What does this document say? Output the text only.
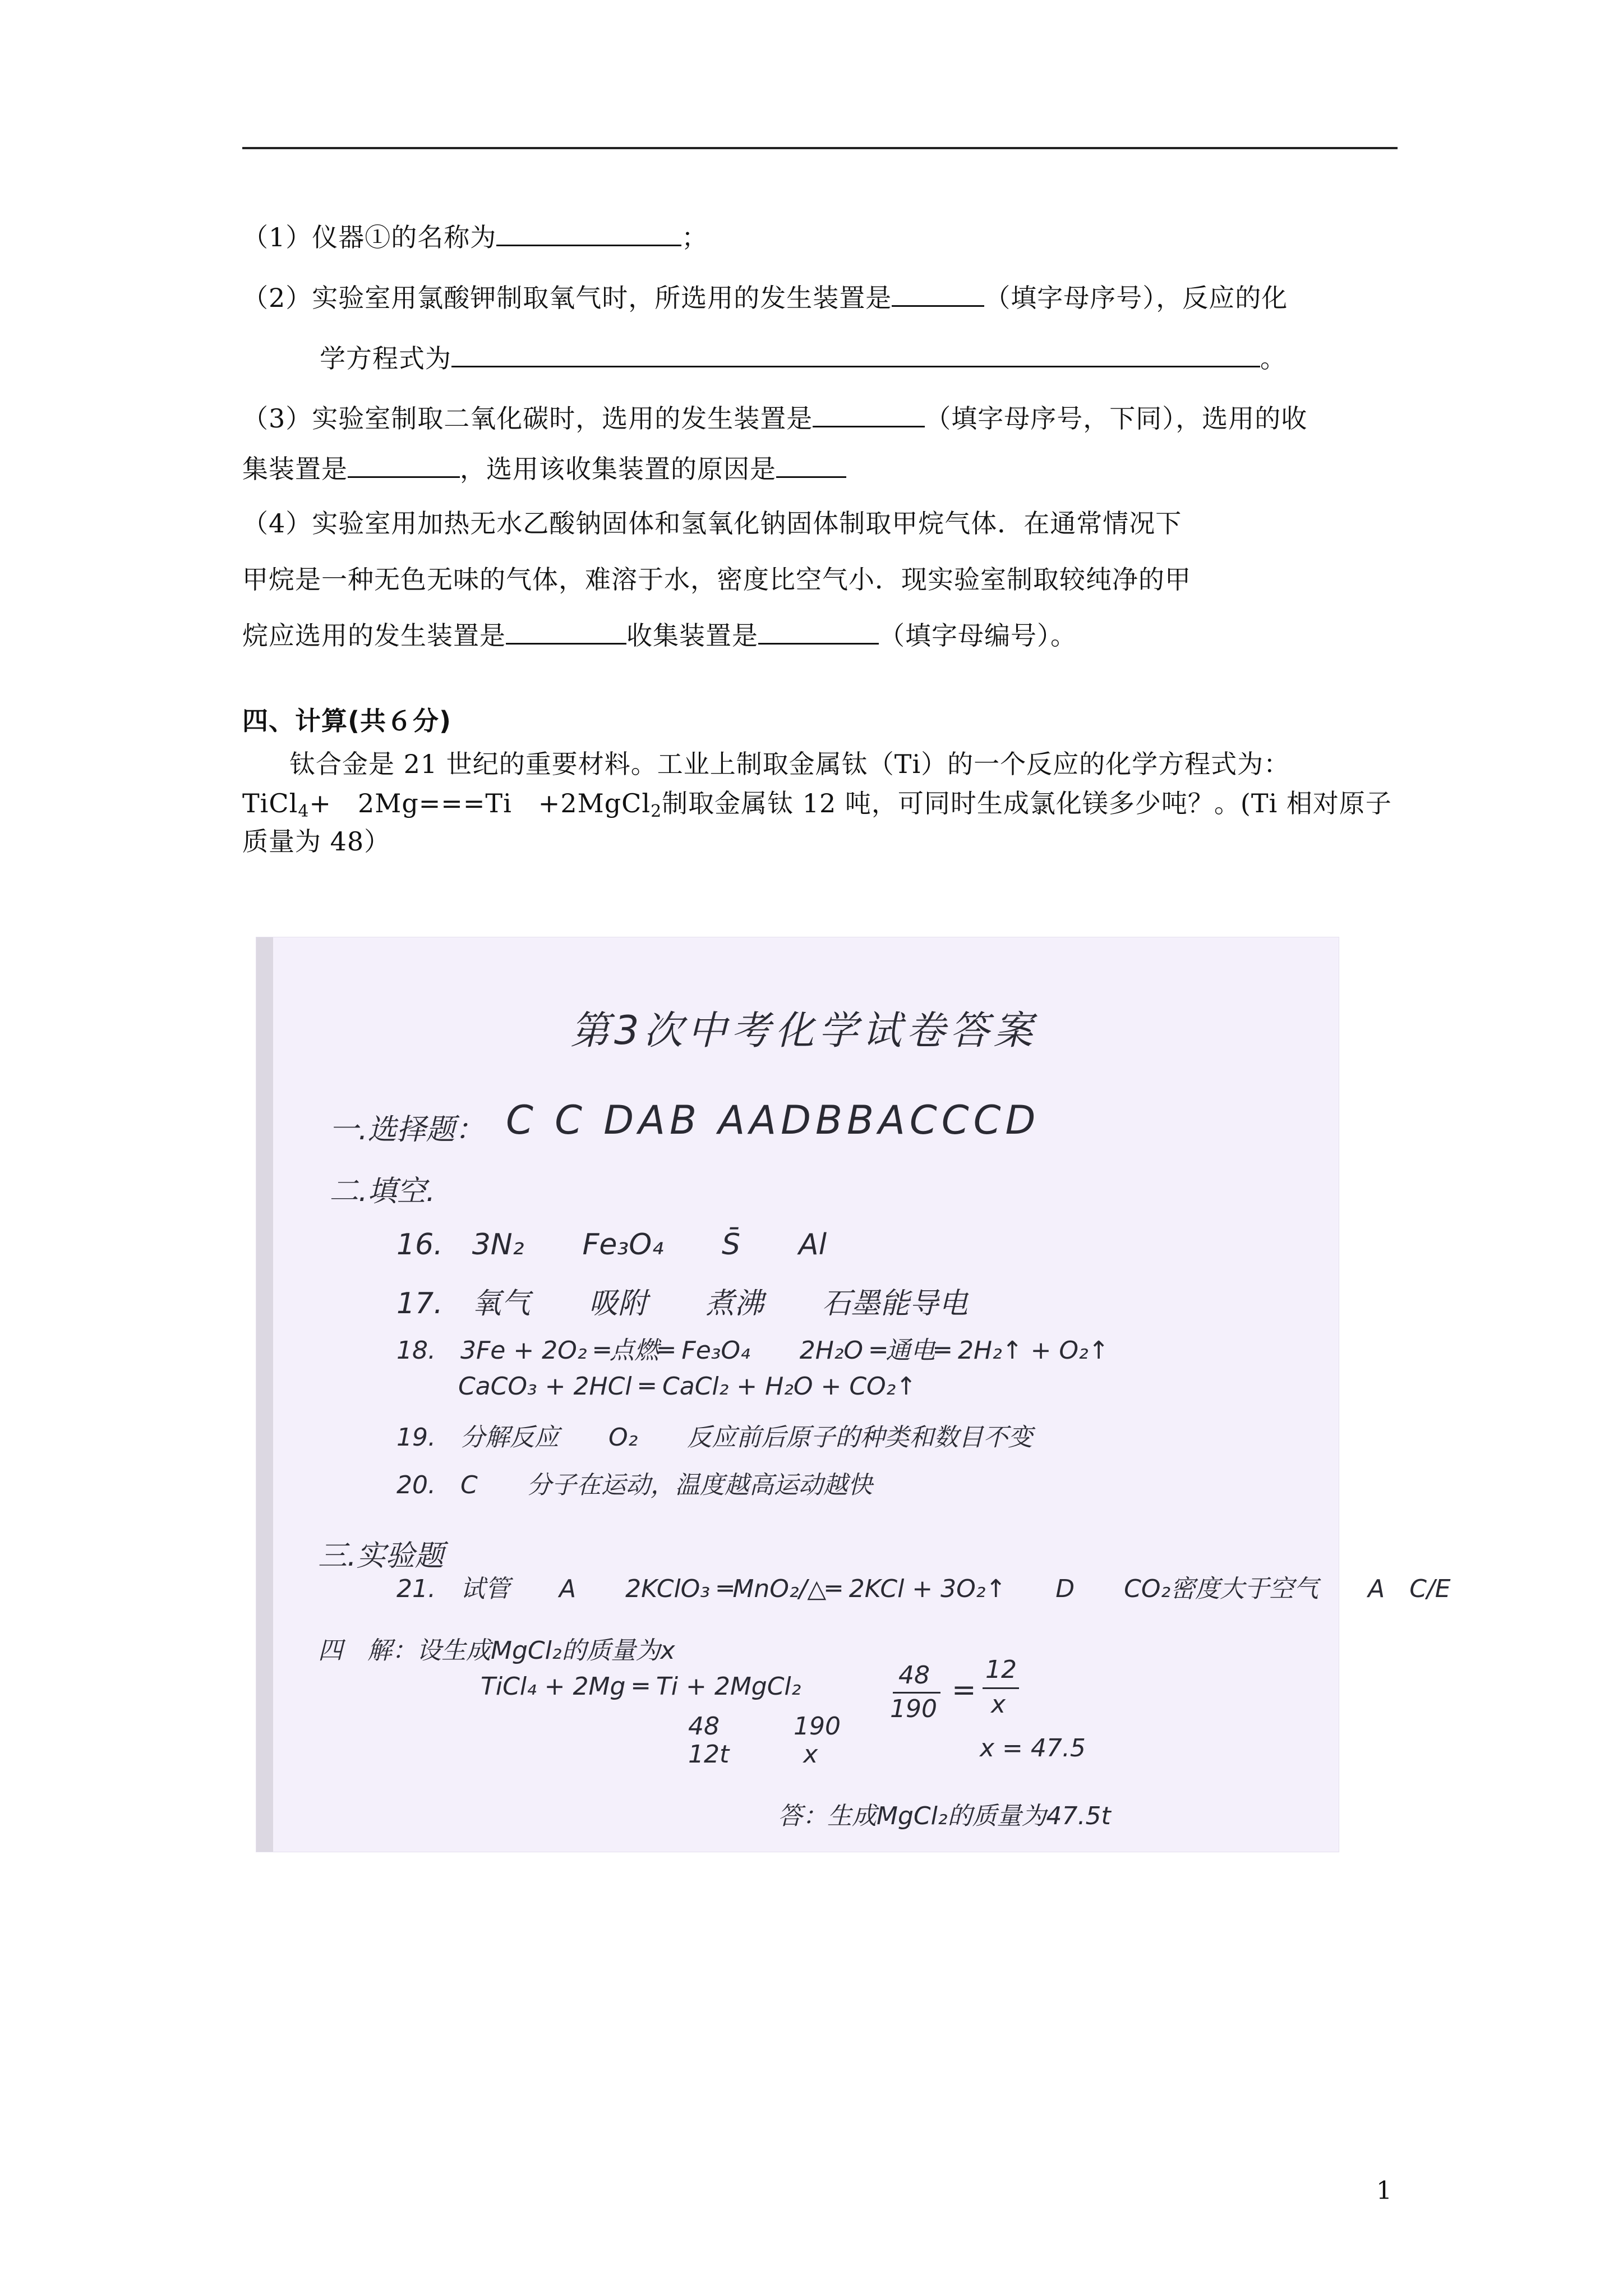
（1）仪器①的名称为	；
（2）实验室用氯酸钾制取氧气时，所选用的发生装置是	（填字母序号），反应的化
学方程式为	。
（3）实验室制取二氧化碳时，选用的发生装置是	（填字母序号，下同），选用的收
集装置是	，选用该收集装置的原因是
（4）实验室用加热无水乙酸钠固体和氢氧化钠固体制取甲烷气体．在通常情况下
甲烷是一种无色无味的气体，难溶于水，密度比空气小．现实验室制取较纯净的甲
烷应选用的发生装置是	收集装置是	（填字母编号）。
四、计算(共６分)
钛合金是 21 世纪的重要材料。工业上制取金属钛（Ti）的一个反应的化学方程式为：
TiCl$_4$+　2Mg===Ti　+2MgCl$_2$制取金属钛 12 吨，可同时生成氯化镁多少吨？。(Ti 相对原子
质量为 48）
第3次中考化学试卷答案
一.选择题： C C DAB AADBBACCCD
二.填空.
16.　3N₂　　Fe₃O₄　　S̄　　Al
17.　氧气　　吸附　　煮沸　　石墨能导电
18.　3Fe + 2O₂ ═点燃═ Fe₃O₄　　2H₂O ═通电═ 2H₂↑ + O₂↑
CaCO₃ + 2HCl ═ CaCl₂ + H₂O + CO₂↑
19.　分解反应　　O₂　　反应前后原子的种类和数目不变
20.　C　　分子在运动，温度越高运动越快
三.实验题
21.　试管　　A　　2KClO₃ ═MnO₂/△═ 2KCl + 3O₂↑　　D　　CO₂密度大于空气　　A　C/E
四　解：设生成MgCl₂的质量为x
TiCl₄ + 2Mg ═ Ti + 2MgCl₂
48　　　190
12t　　　x
48
190
=
12
x
x = 47.5
答：生成MgCl₂的质量为47.5t
1
